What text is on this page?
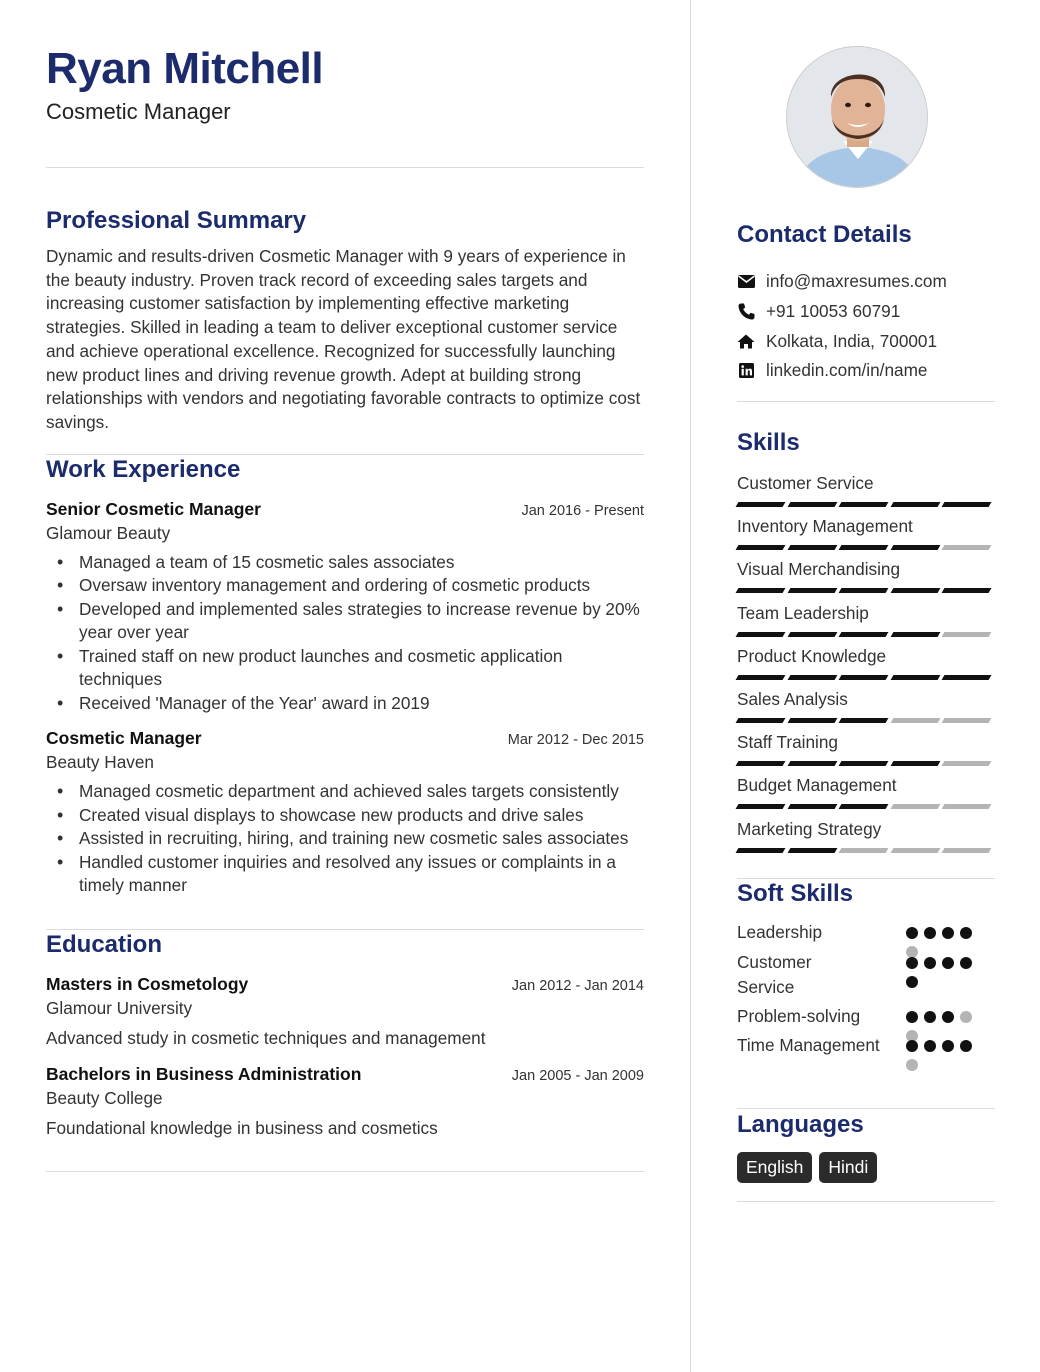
Ryan Mitchell
Cosmetic Manager
Professional Summary
Dynamic and results-driven Cosmetic Manager with 9 years of experience in the beauty industry. Proven track record of exceeding sales targets and increasing customer satisfaction by implementing effective marketing strategies. Skilled in leading a team to deliver exceptional customer service and achieve operational excellence. Recognized for successfully launching new product lines and driving revenue growth. Adept at building strong relationships with vendors and negotiating favorable contracts to optimize cost savings.
Work Experience
Senior Cosmetic Manager	Jan 2016 - Present
Glamour Beauty
• Managed a team of 15 cosmetic sales associates
• Oversaw inventory management and ordering of cosmetic products
• Developed and implemented sales strategies to increase revenue by 20% year over year
• Trained staff on new product launches and cosmetic application techniques
• Received 'Manager of the Year' award in 2019
Cosmetic Manager	Mar 2012 - Dec 2015
Beauty Haven
• Managed cosmetic department and achieved sales targets consistently
• Created visual displays to showcase new products and drive sales
• Assisted in recruiting, hiring, and training new cosmetic sales associates
• Handled customer inquiries and resolved any issues or complaints in a timely manner
Education
Masters in Cosmetology	Jan 2012 - Jan 2014
Glamour University
Advanced study in cosmetic techniques and management
Bachelors in Business Administration	Jan 2005 - Jan 2009
Beauty College
Foundational knowledge in business and cosmetics
Contact Details
info@maxresumes.com
+91 10053 60791
Kolkata, India, 700001
linkedin.com/in/name
Skills
Customer Service
Inventory Management
Visual Merchandising
Team Leadership
Product Knowledge
Sales Analysis
Staff Training
Budget Management
Marketing Strategy
Soft Skills
Leadership
Customer Service
Problem-solving
Time Management
Languages
English	Hindi
